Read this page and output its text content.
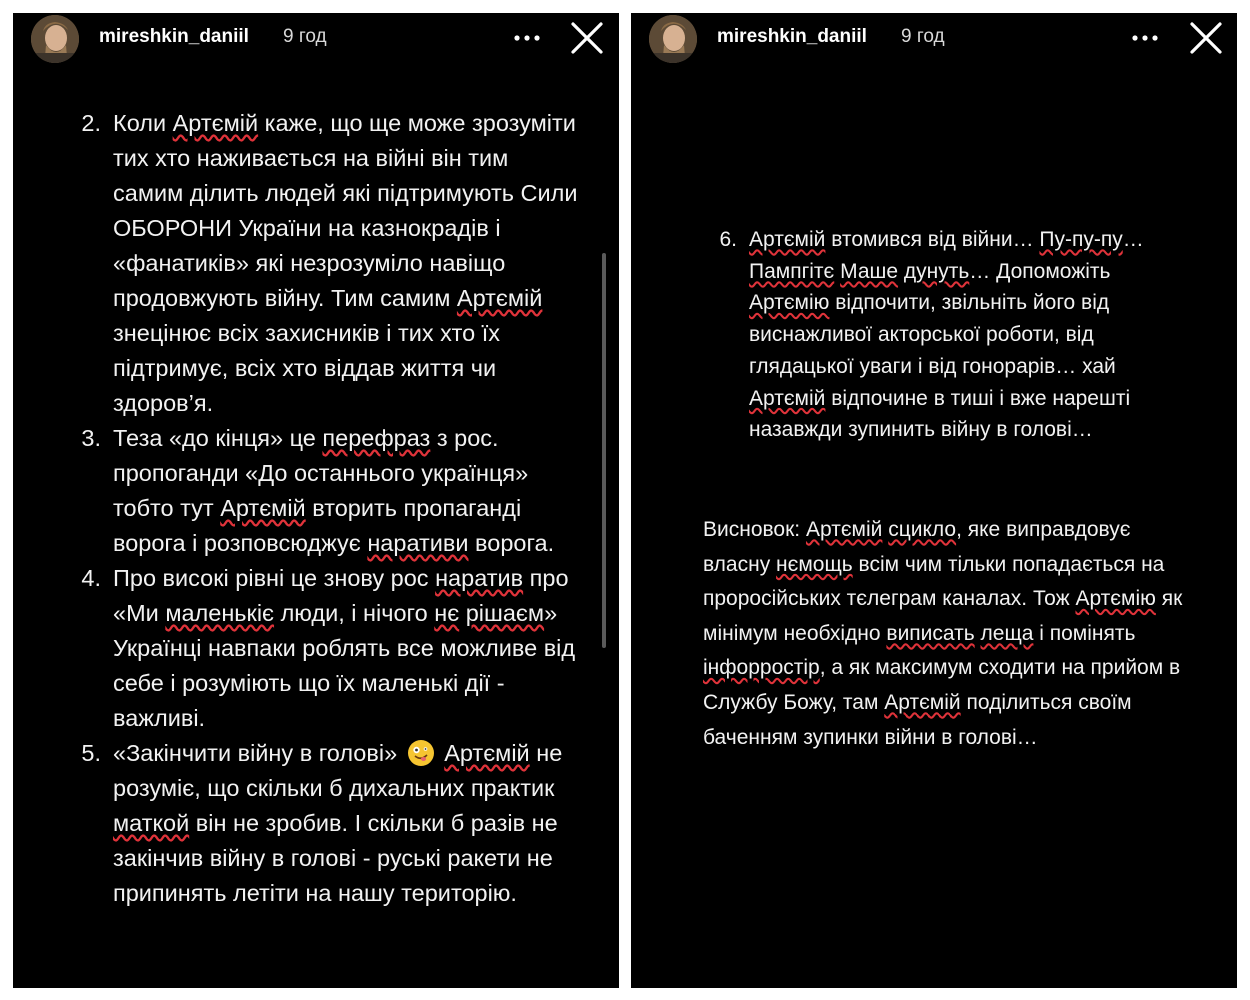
mireshkin_daniil 9 год
2. Коли Артємій каже, що ще може зрозуміти тих хто наживається на війні він тим самим ділить людей які підтримують Сили ОБОРОНИ України на казнокрадів і «фанатиків» які незрозуміло навіщо продовжують війну. Тим самим Артємій знецінює всіх захисників і тих хто їх підтримує, всіх хто віддав життя чи здоров’я.
3. Теза «до кінця» це перефраз з рос. пропоганди «До останнього українця» тобто тут Артємій вторить пропаганді ворога і розповсюджує наративи ворога.
4. Про високі рівні це знову рос наратив про «Ми маленькіє люди, і нічого нє рішаєм» Українці навпаки роблять все можливе від себе і розуміють що їх маленькі дії - важливі.
5. «Закінчити війну в голові»  Артємій не розуміє, що скільки б дихальних практик маткой він не зробив. І скільки б разів не закінчив війну в голові - руські ракети не припинять летіти на нашу територію.
mireshkin_daniil 9 год
6. Артємій втомився від війни… Пу-пу-пу… Пампгітє Маше дунуть… Допоможіть Артємію відпочити, звільніть його від виснажливої акторської роботи, від глядацької уваги і від гонорарів… хай Артємій відпочине в тиші і вже нарешті назавжди зупинить війну в голові…

Висновок: Артємій сцикло, яке виправдовує власну нємощь всім чим тільки попадається на проросійських тєлеграм каналах. Тож Артємію як мінімум необхідно виписать леща і помінять інфорростір, а як максимум сходити на прийом в Службу Божу, там Артємій поділиться своїм баченням зупинки війни в голові…
